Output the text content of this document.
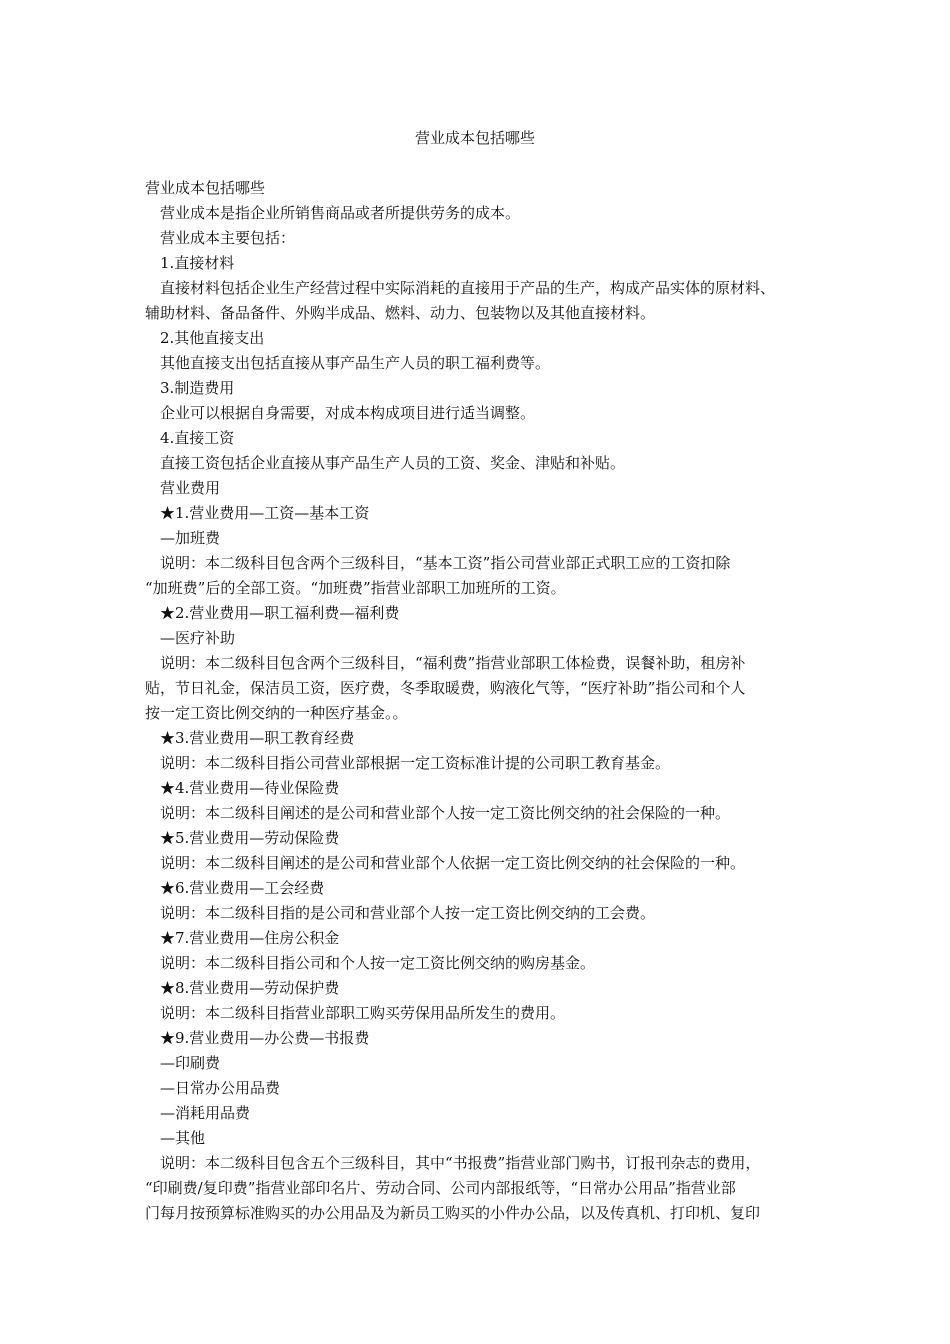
营业成本包括哪些
营业成本包括哪些
营业成本是指企业所销售商品或者所提供劳务的成本。
营业成本主要包括：
1.直接材料
直接材料包括企业生产经营过程中实际消耗的直接用于产品的生产，构成产品实体的原材料、
辅助材料、备品备件、外购半成品、燃料、动力、包装物以及其他直接材料。
2.其他直接支出
其他直接支出包括直接从事产品生产人员的职工福利费等。
3.制造费用
企业可以根据自身需要，对成本构成项目进行适当调整。
4.直接工资
直接工资包括企业直接从事产品生产人员的工资、奖金、津贴和补贴。
营业费用
★1.营业费用—工资—基本工资
—加班费
说明：本二级科目包含两个三级科目，“基本工资”指公司营业部正式职工应的工资扣除
“加班费”后的全部工资。“加班费”指营业部职工加班所的工资。
★2.营业费用—职工福利费—福利费
—医疗补助
说明：本二级科目包含两个三级科目，“福利费”指营业部职工体检费，误餐补助，租房补
贴，节日礼金，保洁员工资，医疗费，冬季取暖费，购液化气等，“医疗补助”指公司和个人
按一定工资比例交纳的一种医疗基金。。
★3.营业费用—职工教育经费
说明：本二级科目指公司营业部根据一定工资标准计提的公司职工教育基金。
★4.营业费用—待业保险费
说明：本二级科目阐述的是公司和营业部个人按一定工资比例交纳的社会保险的一种。
★5.营业费用—劳动保险费
说明：本二级科目阐述的是公司和营业部个人依据一定工资比例交纳的社会保险的一种。
★6.营业费用—工会经费
说明：本二级科目指的是公司和营业部个人按一定工资比例交纳的工会费。
★7.营业费用—住房公积金
说明：本二级科目指公司和个人按一定工资比例交纳的购房基金。
★8.营业费用—劳动保护费
说明：本二级科目指营业部职工购买劳保用品所发生的费用。
★9.营业费用—办公费—书报费
—印刷费
—日常办公用品费
—消耗用品费
—其他
说明：本二级科目包含五个三级科目，其中“书报费”指营业部门购书，订报刊杂志的费用，
“印刷费/复印费”指营业部印名片、劳动合同、公司内部报纸等，“日常办公用品”指营业部
门每月按预算标准购买的办公用品及为新员工购买的小件办公品，以及传真机、打印机、复印
